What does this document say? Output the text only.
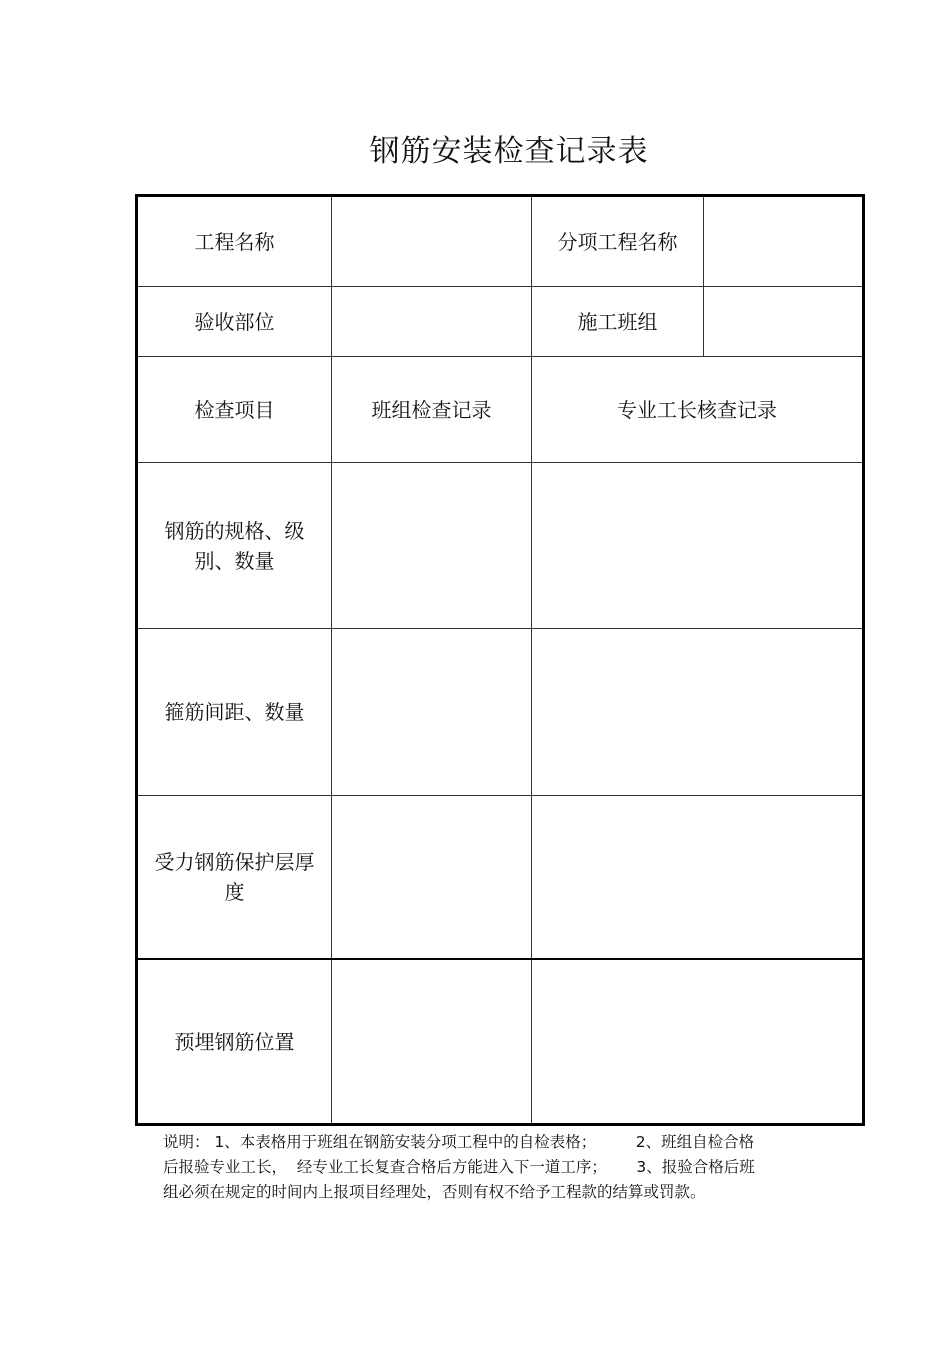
钢筋安装检查记录表
工程名称		分项工程名称	
验收部位		施工班组	
检查项目	班组检查记录	专业工长核查记录	
钢筋的规格、级别、数量			
箍筋间距、数量			
受力钢筋保护层厚度			
预埋钢筋位置			
说明： 1、本表格用于班组在钢筋安装分项工程中的自检表格；        2、班组自检合格
后报验专业工长，  经专业工长复查合格后方能进入下一道工序；      3、报验合格后班
组必须在规定的时间内上报项目经理处，否则有权不给予工程款的结算或罚款。
